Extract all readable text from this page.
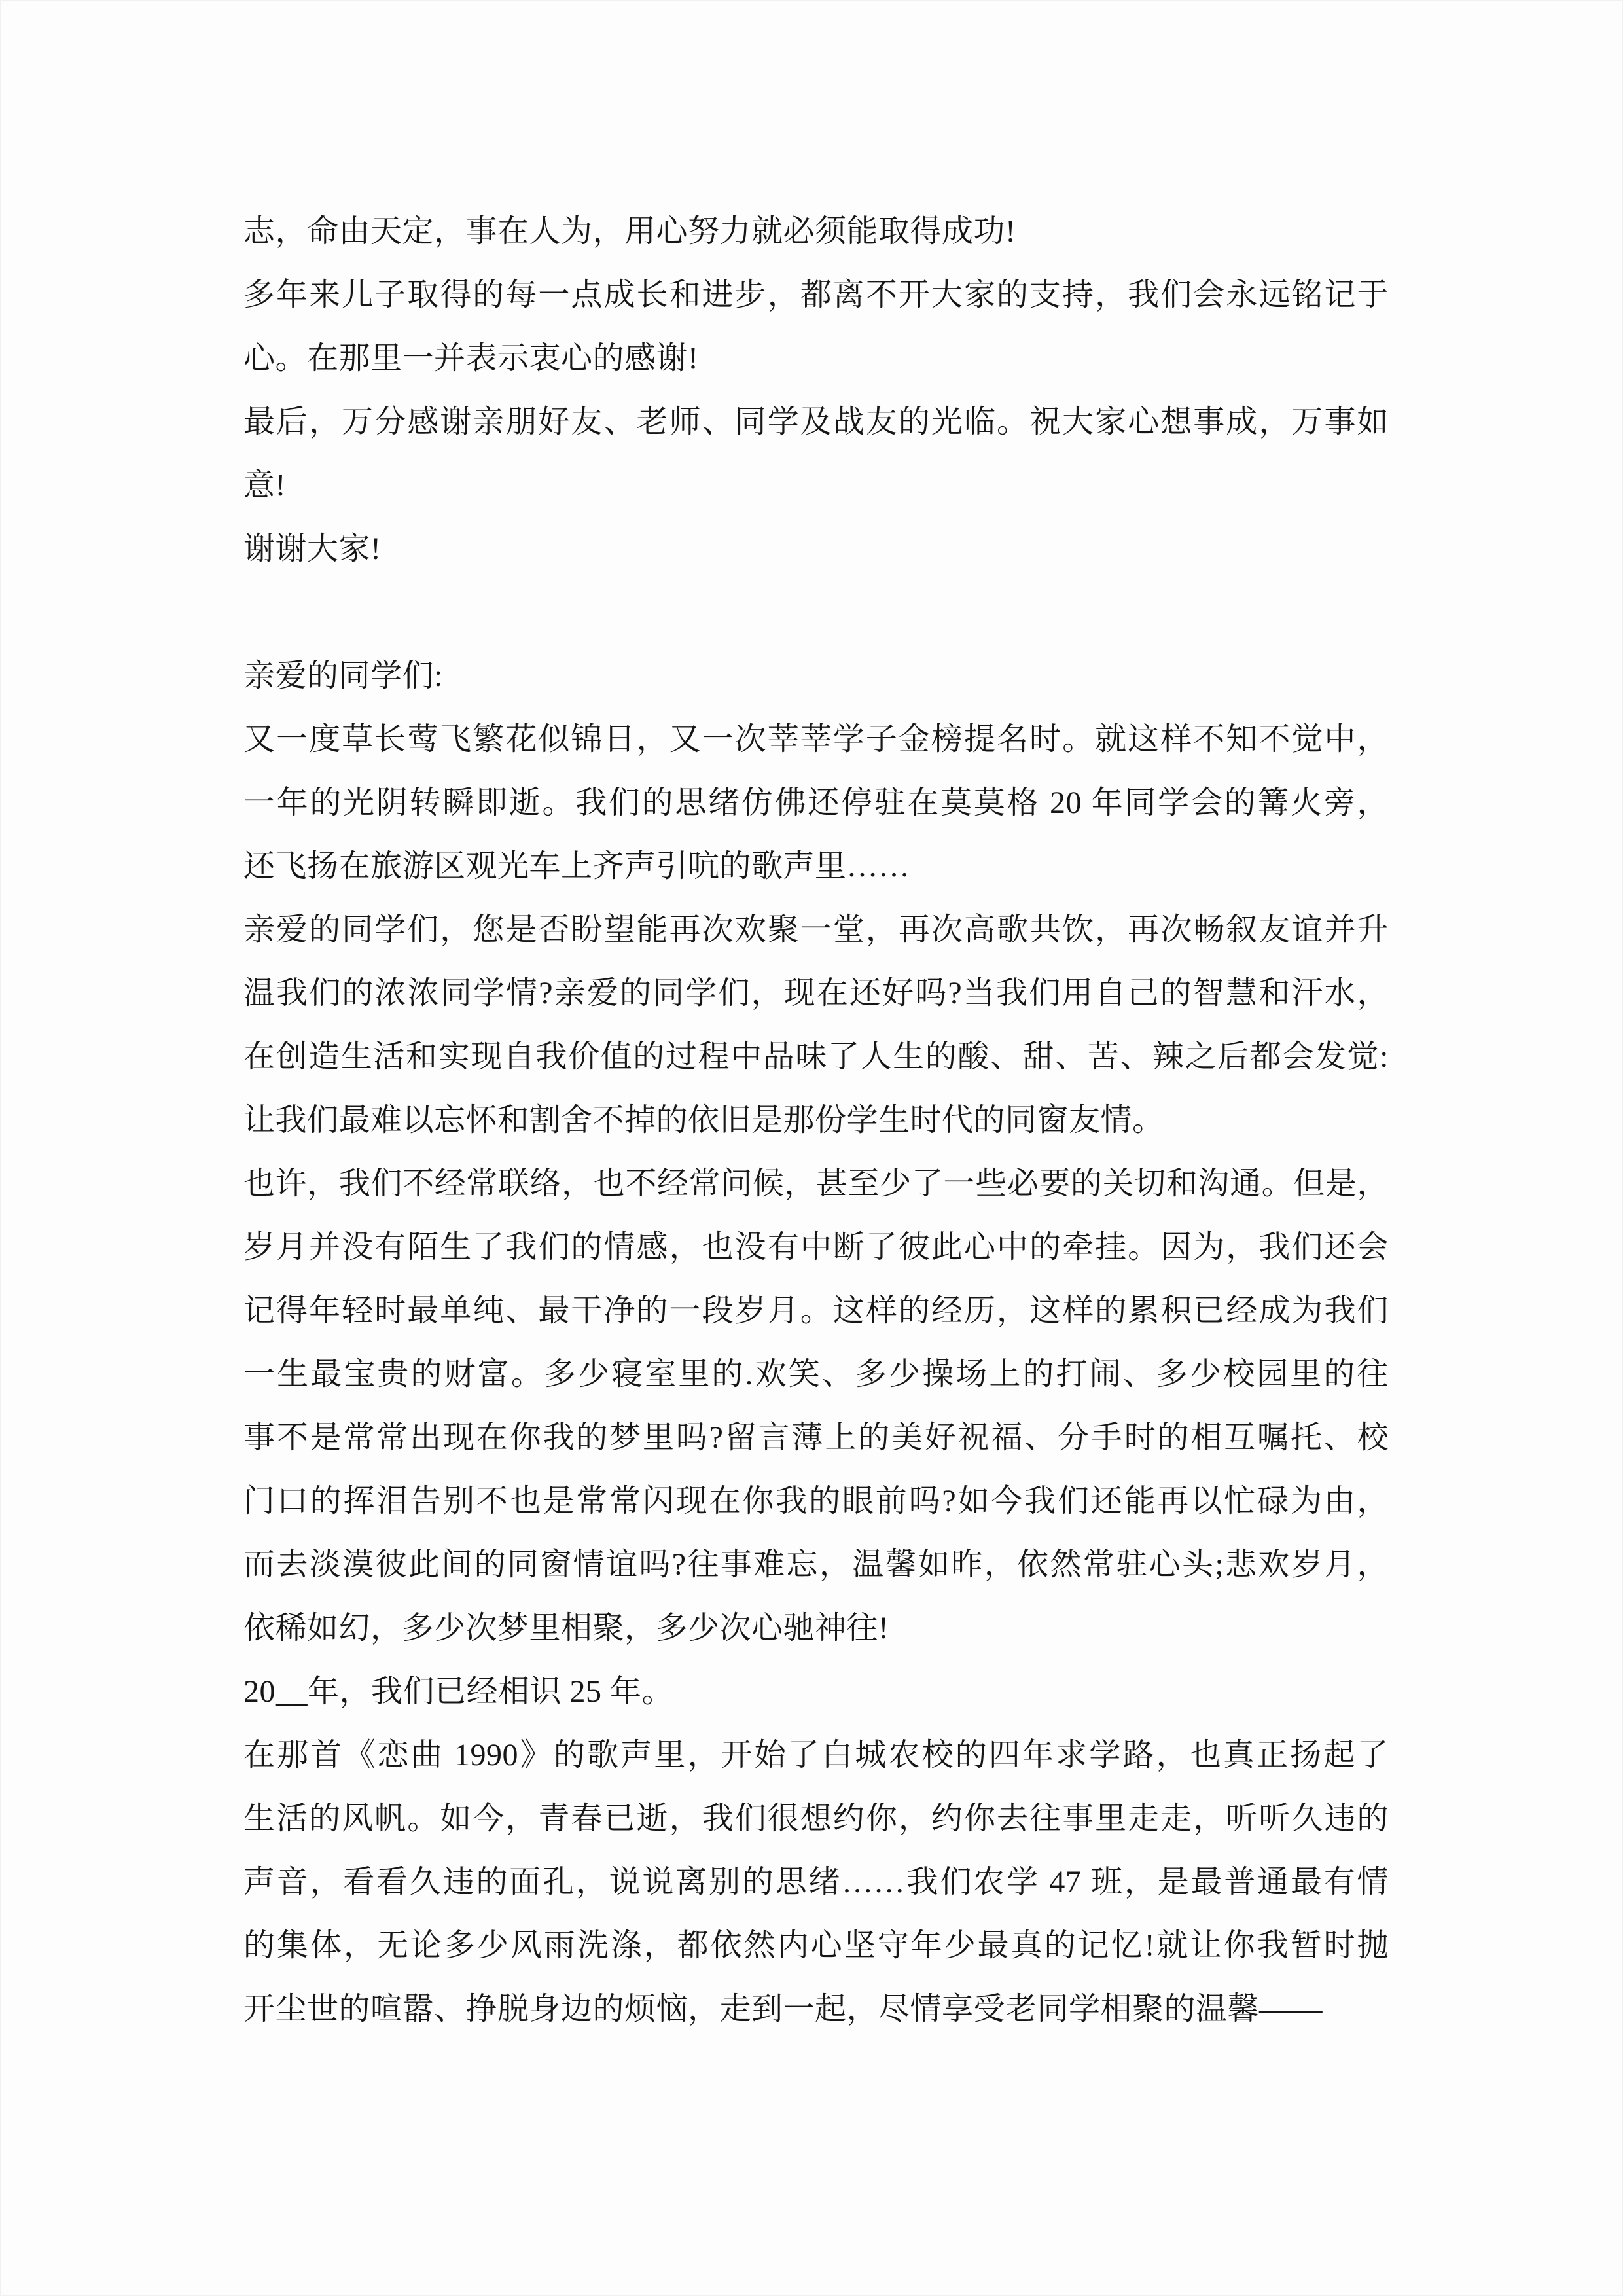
志，命由天定，事在人为，用心努力就必须能取得成功!
多年来儿子取得的每一点成长和进步，都离不开大家的支持，我们会永远铭记于
心。在那里一并表示衷心的感谢!
最后，万分感谢亲朋好友、老师、同学及战友的光临。祝大家心想事成，万事如
意!
谢谢大家!
亲爱的同学们:
又一度草长莺飞繁花似锦日，又一次莘莘学子金榜提名时。就这样不知不觉中，
一年的光阴转瞬即逝。我们的思绪仿佛还停驻在莫莫格 20 年同学会的篝火旁，
还飞扬在旅游区观光车上齐声引吭的歌声里……
亲爱的同学们，您是否盼望能再次欢聚一堂，再次高歌共饮，再次畅叙友谊并升
温我们的浓浓同学情?亲爱的同学们，现在还好吗?当我们用自己的智慧和汗水，
在创造生活和实现自我价值的过程中品味了人生的酸、甜、苦、辣之后都会发觉:
让我们最难以忘怀和割舍不掉的依旧是那份学生时代的同窗友情。
也许，我们不经常联络，也不经常问候，甚至少了一些必要的关切和沟通。但是，
岁月并没有陌生了我们的情感，也没有中断了彼此心中的牵挂。因为，我们还会
记得年轻时最单纯、最干净的一段岁月。这样的经历，这样的累积已经成为我们
一生最宝贵的财富。多少寝室里的.欢笑、多少操场上的打闹、多少校园里的往
事不是常常出现在你我的梦里吗?留言薄上的美好祝福、分手时的相互嘱托、校
门口的挥泪告别不也是常常闪现在你我的眼前吗?如今我们还能再以忙碌为由，
而去淡漠彼此间的同窗情谊吗?往事难忘，温馨如昨，依然常驻心头;悲欢岁月，
依稀如幻，多少次梦里相聚，多少次心驰神往!
20__年，我们已经相识 25 年。
在那首《恋曲 1990》的歌声里，开始了白城农校的四年求学路，也真正扬起了
生活的风帆。如今，青春已逝，我们很想约你，约你去往事里走走，听听久违的
声音，看看久违的面孔，说说离别的思绪……我们农学 47 班，是最普通最有情
的集体，无论多少风雨洗涤，都依然内心坚守年少最真的记忆!就让你我暂时抛
开尘世的喧嚣、挣脱身边的烦恼，走到一起，尽情享受老同学相聚的温馨——
